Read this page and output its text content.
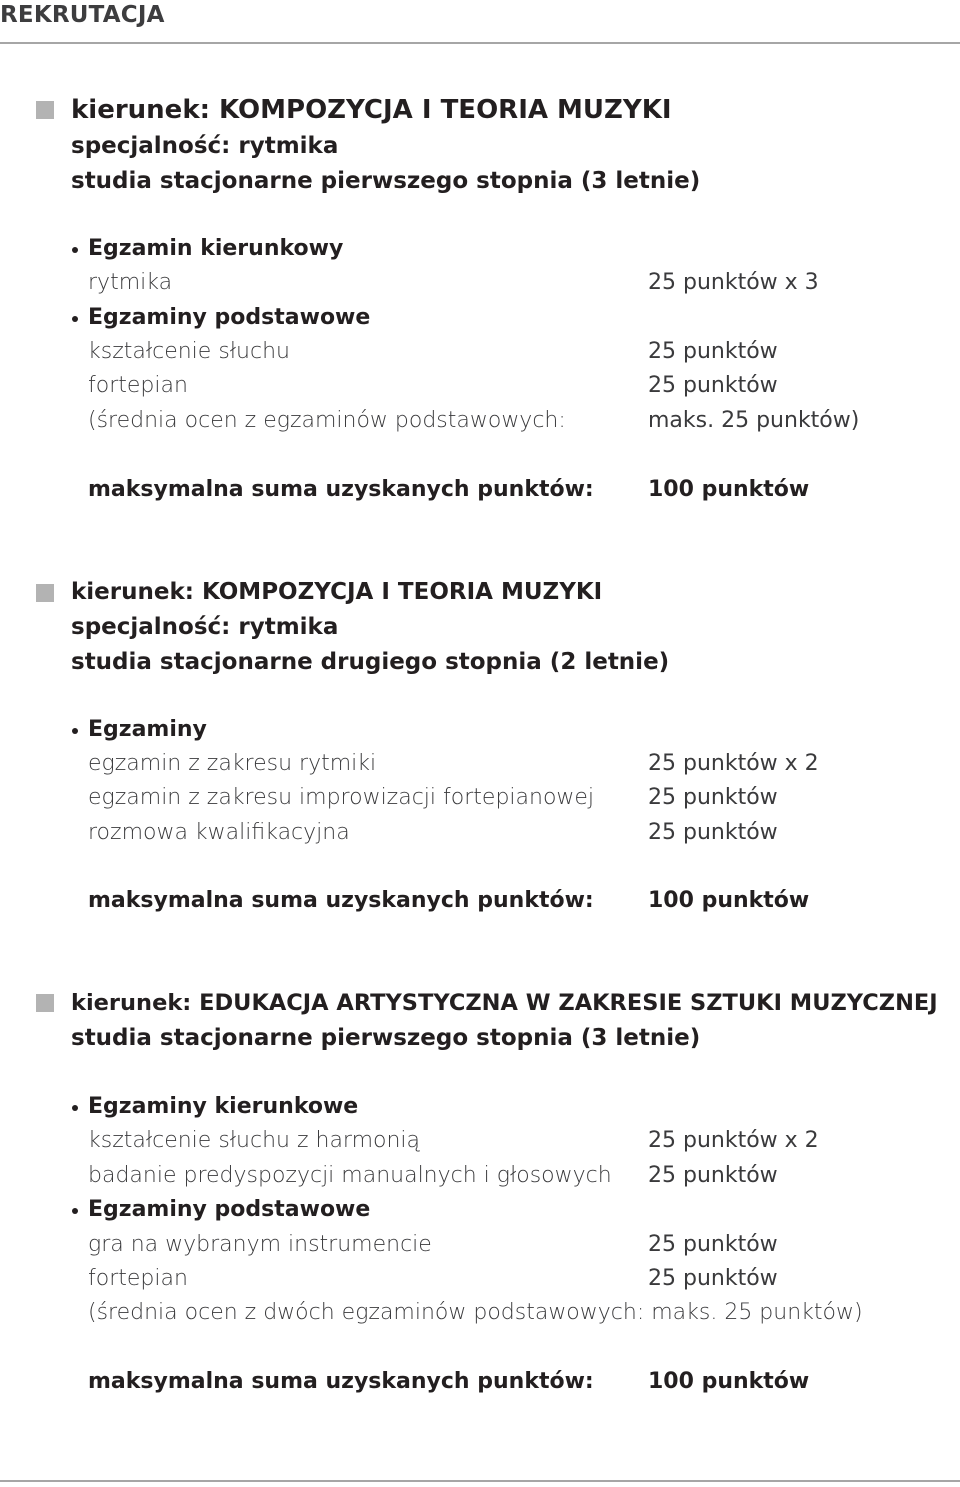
REKRUTACJA
kierunek: KOMPOZYCJA I TEORIA MUZYKI
specjalność: rytmika
studia stacjonarne pierwszego stopnia (3 letnie)
Egzamin kierunkowy
rytmika	25 punktów x 3
Egzaminy podstawowe
kształcenie słuchu	25 punktów
fortepian	25 punktów
(średnia ocen z egzaminów podstawowych:	maks. 25 punktów)
maksymalna suma uzyskanych punktów: 100 punktów
kierunek: KOMPOZYCJA I TEORIA MUZYKI
specjalność: rytmika
studia stacjonarne drugiego stopnia (2 letnie)
Egzaminy
egzamin z zakresu rytmiki	25 punktów x 2
egzamin z zakresu improwizacji fortepianowej 25 punktów
rozmowa kwalifikacyjna	25 punktów
maksymalna suma uzyskanych punktów: 100 punktów
kierunek: EDUKACJA ARTYSTYCZNA W ZAKRESIE SZTUKI MUZYCZNEJ
studia stacjonarne pierwszego stopnia (3 letnie)
Egzaminy kierunkowe
kształcenie słuchu z harmonią	25 punktów x 2
badanie predyspozycji manualnych i głosowych 25 punktów
Egzaminy podstawowe
gra na wybranym instrumencie	25 punktów
fortepian	25 punktów
(średnia ocen z dwóch egzaminów podstawowych: maks. 25 punktów)
maksymalna suma uzyskanych punktów: 100 punktów
